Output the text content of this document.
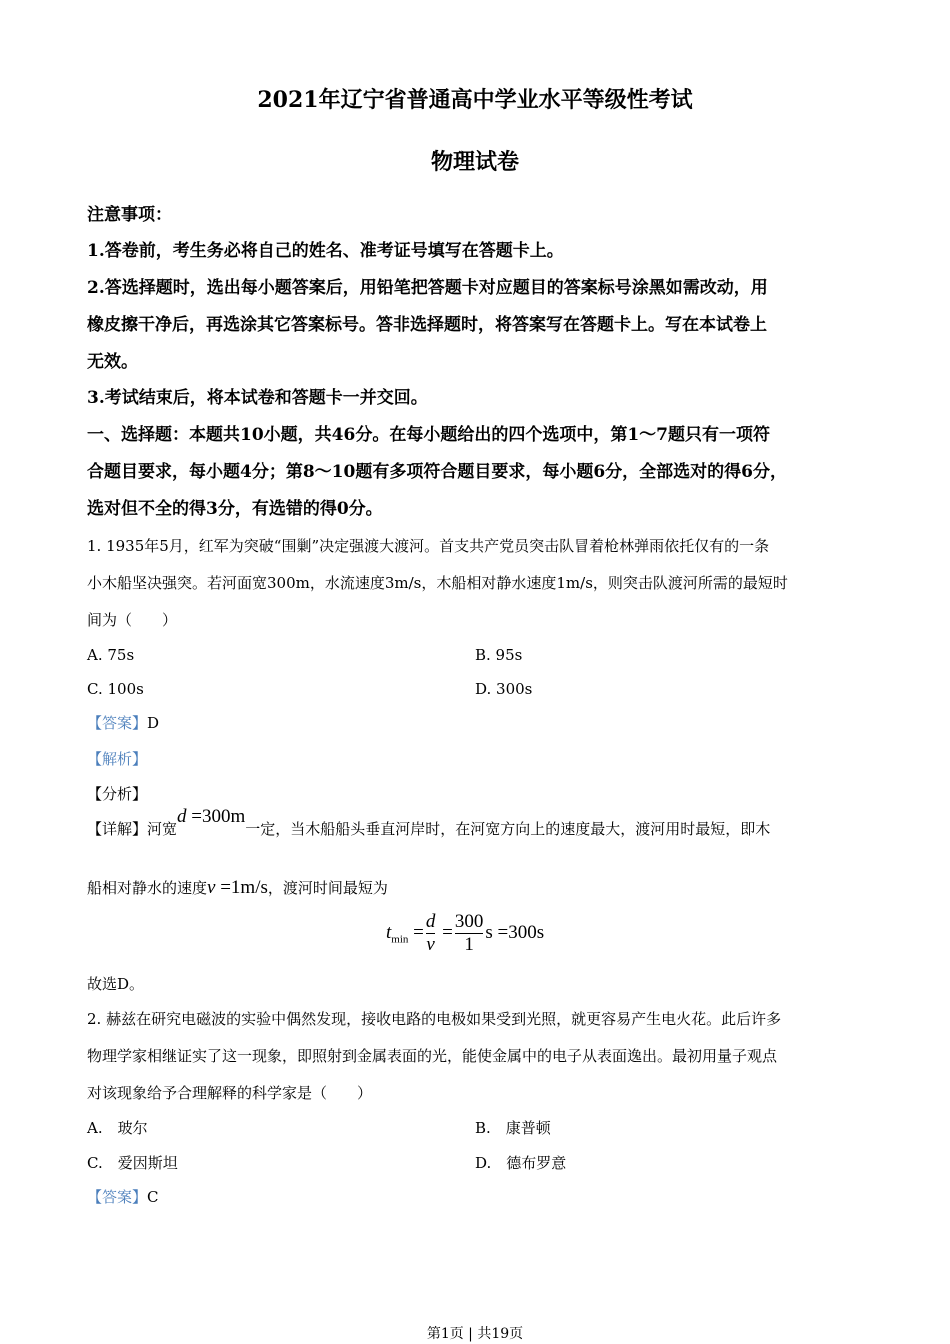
2021年辽宁省普通高中学业水平等级性考试
物理试卷
注意事项：
1.答卷前，考生务必将自己的姓名、准考证号填写在答题卡上。
2.答选择题时，选出每小题答案后，用铅笔把答题卡对应题目的答案标号涂黑如需改动，用
橡皮擦干净后，再选涂其它答案标号。答非选择题时，将答案写在答题卡上。写在本试卷上
无效。
3.考试结束后，将本试卷和答题卡一并交回。
一、选择题：本题共10小题，共46分。在每小题给出的四个选项中，第1～7题只有一项符
合题目要求，每小题4分；第8～10题有多项符合题目要求，每小题6分，全部选对的得6分，
选对但不全的得3分，有选错的得0分。
1. 1935年5月，红军为突破“围剿”决定强渡大渡河。首支共产党员突击队冒着枪林弹雨依托仅有的一条
小木船坚决强突。若河面宽300m，水流速度3m/s，木船相对静水速度1m/s，则突击队渡河所需的最短时
间为（　　）
A. 75s	B. 95s
C. 100s	D. 300s
【答案】D
【解析】
【分析】
【详解】河宽d =300m一定，当木船船头垂直河岸时，在河宽方向上的速度最大，渡河用时最短，即木
船相对静水的速度v =1m/s，渡河时间最短为
$t_{min} = \frac{d}{v} = \frac{300}{1}$ s =300s
故选D。
2. 赫兹在研究电磁波的实验中偶然发现，接收电路的电极如果受到光照，就更容易产生电火花。此后许多
物理学家相继证实了这一现象，即照射到金属表面的光，能使金属中的电子从表面逸出。最初用量子观点
对该现象给予合理解释的科学家是（　　）
A.　玻尔	B.　康普顿
C.　爱因斯坦	D.　德布罗意
【答案】C
第1页 | 共19页
